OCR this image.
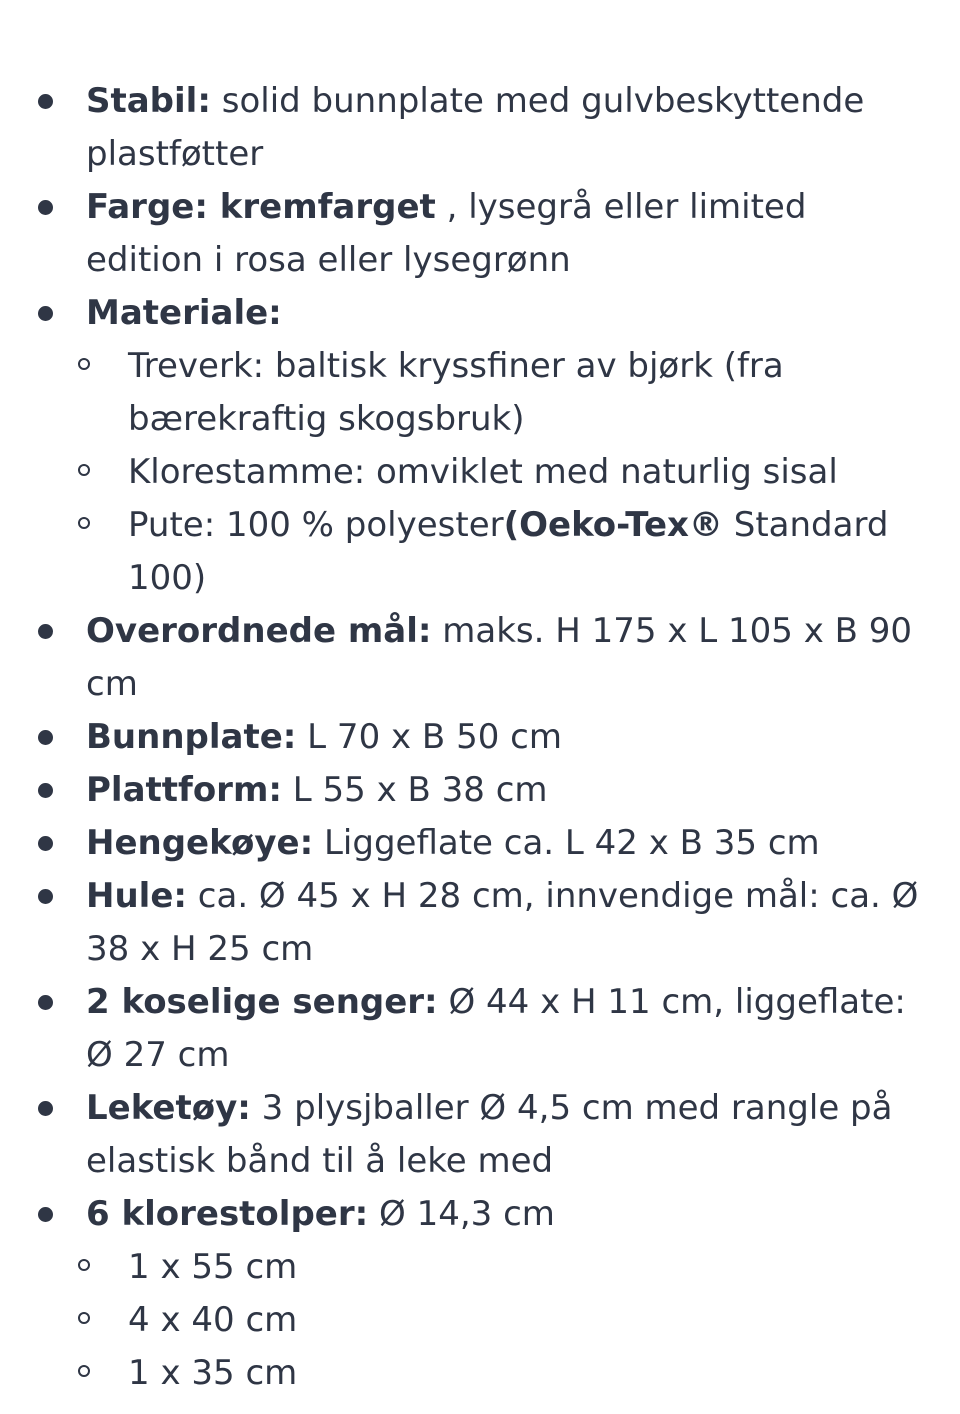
Stabil: solid bunnplate med gulvbeskyttende plastføtter
Farge: kremfarget , lysegrå eller limited edition i rosa eller lysegrønn
Materiale:
Treverk: baltisk kryssfiner av bjørk (fra bærekraftig skogsbruk)
Klorestamme: omviklet med naturlig sisal
Pute: 100 % polyester(Oeko-Tex® Standard 100)
Overordnede mål: maks. H 175 x L 105 x B 90 cm
Bunnplate: L 70 x B 50 cm
Plattform: L 55 x B 38 cm
Hengekøye: Liggeflate ca. L 42 x B 35 cm
Hule: ca. Ø 45 x H 28 cm, innvendige mål: ca. Ø 38 x H 25 cm
2 koselige senger: Ø 44 x H 11 cm, liggeflate: Ø 27 cm
Leketøy: 3 plysjballer Ø 4,5 cm med rangle på elastisk bånd til å leke med
6 klorestolper: Ø 14,3 cm
1 x 55 cm
4 x 40 cm
1 x 35 cm
